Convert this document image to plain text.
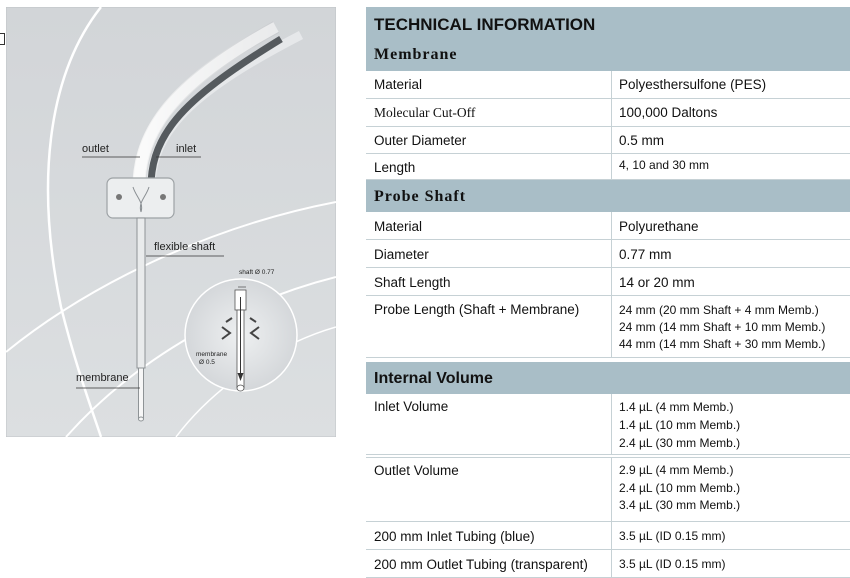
outlet	inlet
flexible shaft
membrane
shaft Ø 0.77
membrane
Ø 0.5
TECHNICAL INFORMATION
Membrane
Material	Polyesthersulfone (PES)
Molecular Cut-Off	100,000 Daltons
Outer Diameter	0.5 mm
Length	4, 10 and 30 mm
Probe Shaft
Material	Polyurethane
Diameter	0.77 mm
Shaft Length	14 or 20 mm
Probe Length (Shaft + Membrane)	24 mm (20 mm Shaft + 4 mm Memb.)
24 mm (14 mm Shaft + 10 mm Memb.)
44 mm (14 mm Shaft + 30 mm Memb.)
Internal Volume
Inlet Volume	1.4 µL (4 mm Memb.)
1.4 µL (10 mm Memb.)
2.4 µL (30 mm Memb.)
Outlet Volume	2.9 µL (4 mm Memb.)
2.4 µL (10 mm Memb.)
3.4 µL (30 mm Memb.)
200 mm Inlet Tubing (blue)	3.5 µL (ID 0.15 mm)
200 mm Outlet Tubing (transparent)	3.5 µL (ID 0.15 mm)
